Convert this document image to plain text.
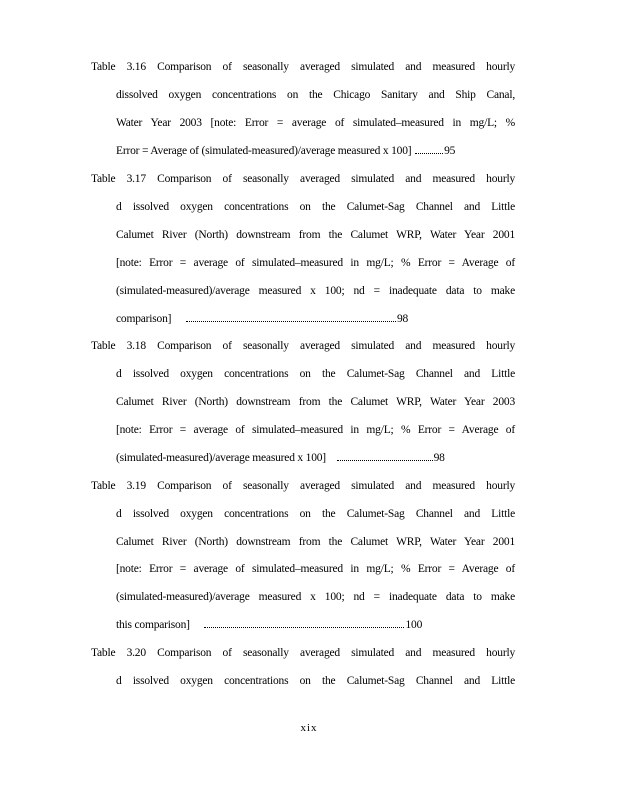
Table 3.16 Comparison of seasonally averaged simulated and measured hourly
dissolved oxygen concentrations on the Chicago Sanitary and Ship Canal,
Water Year 2003 [note: Error = average of simulated–measured in mg/L; %
Error = Average of (simulated-measured)/average measured x 100]	95
Table 3.17 Comparison of seasonally averaged simulated and measured hourly
d issolved oxygen concentrations on the Calumet-Sag Channel and Little
Calumet River (North) downstream from the Calumet WRP, Water Year 2001
[note: Error = average of simulated–measured in mg/L; % Error = Average of
(simulated-measured)/average measured x 100; nd = inadequate data to make
comparison]	98
Table 3.18 Comparison of seasonally averaged simulated and measured hourly
d issolved oxygen concentrations on the Calumet-Sag Channel and Little
Calumet River (North) downstream from the Calumet WRP, Water Year 2003
[note: Error = average of simulated–measured in mg/L; % Error = Average of
(simulated-measured)/average measured x 100]	98
Table 3.19 Comparison of seasonally averaged simulated and measured hourly
d issolved oxygen concentrations on the Calumet-Sag Channel and Little
Calumet River (North) downstream from the Calumet WRP, Water Year 2001
[note: Error = average of simulated–measured in mg/L; % Error = Average of
(simulated-measured)/average measured x 100; nd = inadequate data to make
this comparison]	100
Table 3.20 Comparison of seasonally averaged simulated and measured hourly
d issolved oxygen concentrations on the Calumet-Sag Channel and Little
xix
